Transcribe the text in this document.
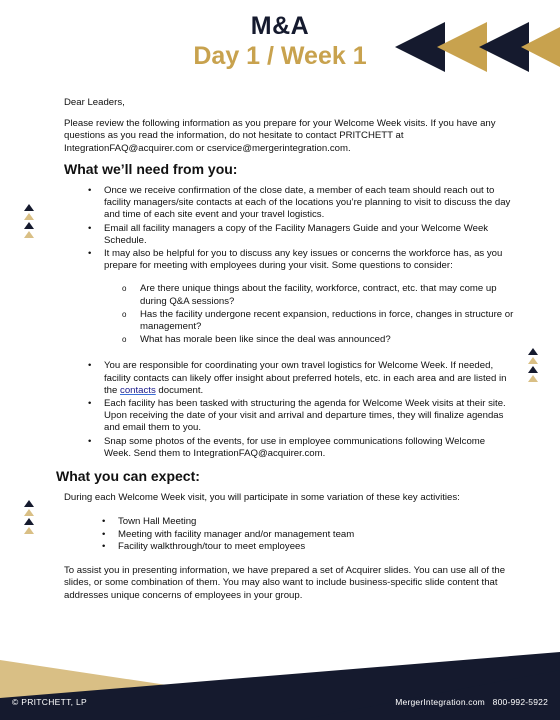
M&A
Day 1 / Week 1

Dear Leaders,

Please review the following information as you prepare for your Welcome Week visits. If you have any questions as you read the information, do not hesitate to contact PRITCHETT at IntegrationFAQ@acquirer.com or cservice@mergerintegration.com.

What we’ll need from you:
• Once we receive confirmation of the close date, a member of each team should reach out to facility managers/site contacts at each of the locations you’re planning to visit to discuss the day and time of each site event and your travel logistics.
• Email all facility managers a copy of the Facility Managers Guide and your Welcome Week Schedule.
• It may also be helpful for you to discuss any key issues or concerns the workforce has, as you prepare for meeting with employees during your visit. Some questions to consider:
o Are there unique things about the facility, workforce, contract, etc. that may come up during Q&A sessions?
o Has the facility undergone recent expansion, reductions in force, changes in structure or management?
o What has morale been like since the deal was announced?
• You are responsible for coordinating your own travel logistics for Welcome Week. If needed, facility contacts can likely offer insight about preferred hotels, etc. in each area and are listed in the contacts document.
• Each facility has been tasked with structuring the agenda for Welcome Week visits at their site. Upon receiving the date of your visit and arrival and departure times, they will finalize agendas and email them to you.
• Snap some photos of the events, for use in employee communications following Welcome Week. Send them to IntegrationFAQ@acquirer.com.
What you can expect:

During each Welcome Week visit, you will participate in some variation of these key activities:

• Town Hall Meeting
• Meeting with facility manager and/or management team
• Facility walkthrough/tour to meet employees

To assist you in presenting information, we have prepared a set of Acquirer slides. You can use all of the slides, or some combination of them. You may also want to include business-specific slide content that addresses unique concerns of employees in your group.

© PRITCHETT, LP	MergerIntegration.com 800-992-5922
